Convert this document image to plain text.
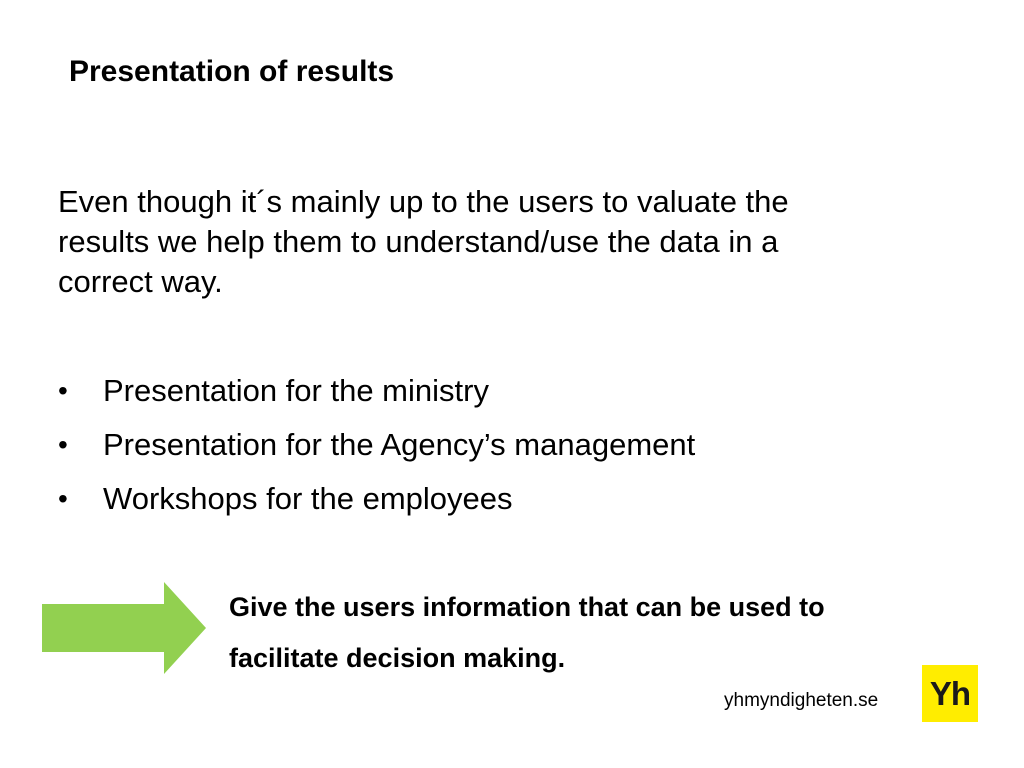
Presentation of results
Even though it´s mainly up to the users to valuate the
results we help them to understand/use the data in a
correct way.
•	Presentation for the ministry
•	Presentation for the Agency’s management
•	Workshops for the employees
Give the users information that can be used to
facilitate decision making.
yhmyndigheten.se Yh
